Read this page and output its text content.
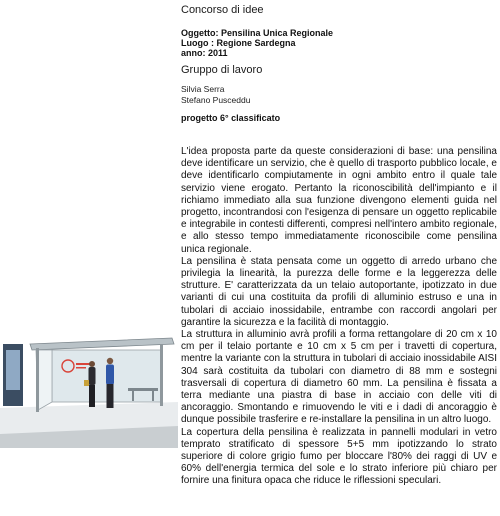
Concorso di idee
Oggetto: Pensilina Unica Regionale
Luogo : Regione Sardegna
anno: 2011
Gruppo di lavoro
Silvia Serra
Stefano Pusceddu
progetto 6° classificato

L'idea proposta parte da queste considerazioni di base: una pensilina deve identificare un servizio, che è quello di trasporto pubblico locale, e deve identificarlo compiutamente in ogni ambito entro il quale tale servizio viene erogato. Pertanto la riconoscibilità dell'impianto e il richiamo immediato alla sua funzione divengono elementi guida nel progetto, incontrandosi con l'esigenza di pensare un oggetto replicabile e integrabile in contesti differenti, compresi nell'intero ambito regionale, e allo stesso tempo immediatamente riconoscibile come pensilina unica regionale.

La pensilina è stata pensata come un oggetto di arredo urbano che privilegia la linearità, la purezza delle forme e la leggerezza delle strutture. E' caratterizzata da un telaio autoportante, ipotizzato in due varianti di cui una costituita da profili di alluminio estruso e una in tubolari di acciaio inossidabile, entrambe con raccordi angolari per garantire la sicurezza e la facilità di montaggio.

La struttura in alluminio avrà profili a forma rettangolare di 20 cm x 10 cm per il telaio portante e 10 cm x 5 cm per i travetti di copertura, mentre la variante con la struttura in tubolari di acciaio inossidabile AISI 304 sarà costituita da tubolari con diametro di 88 mm e sostegni trasversali di copertura di diametro 60 mm. La pensilina è fissata a terra mediante una piastra di base in acciaio con delle viti di ancoraggio. Smontando e rimuovendo le viti e i dadi di ancoraggio è dunque possibile trasferire e re-installare la pensilina in un altro luogo.

La copertura della pensilina è realizzata in pannelli modulari in vetro temprato stratificato di spessore 5+5 mm ipotizzando lo strato superiore di colore grigio fumo per bloccare l'80% dei raggi di UV e 60% dell'energia termica del sole e lo strato inferiore più chiaro per fornire una finitura opaca che riduce le riflessioni speculari.
